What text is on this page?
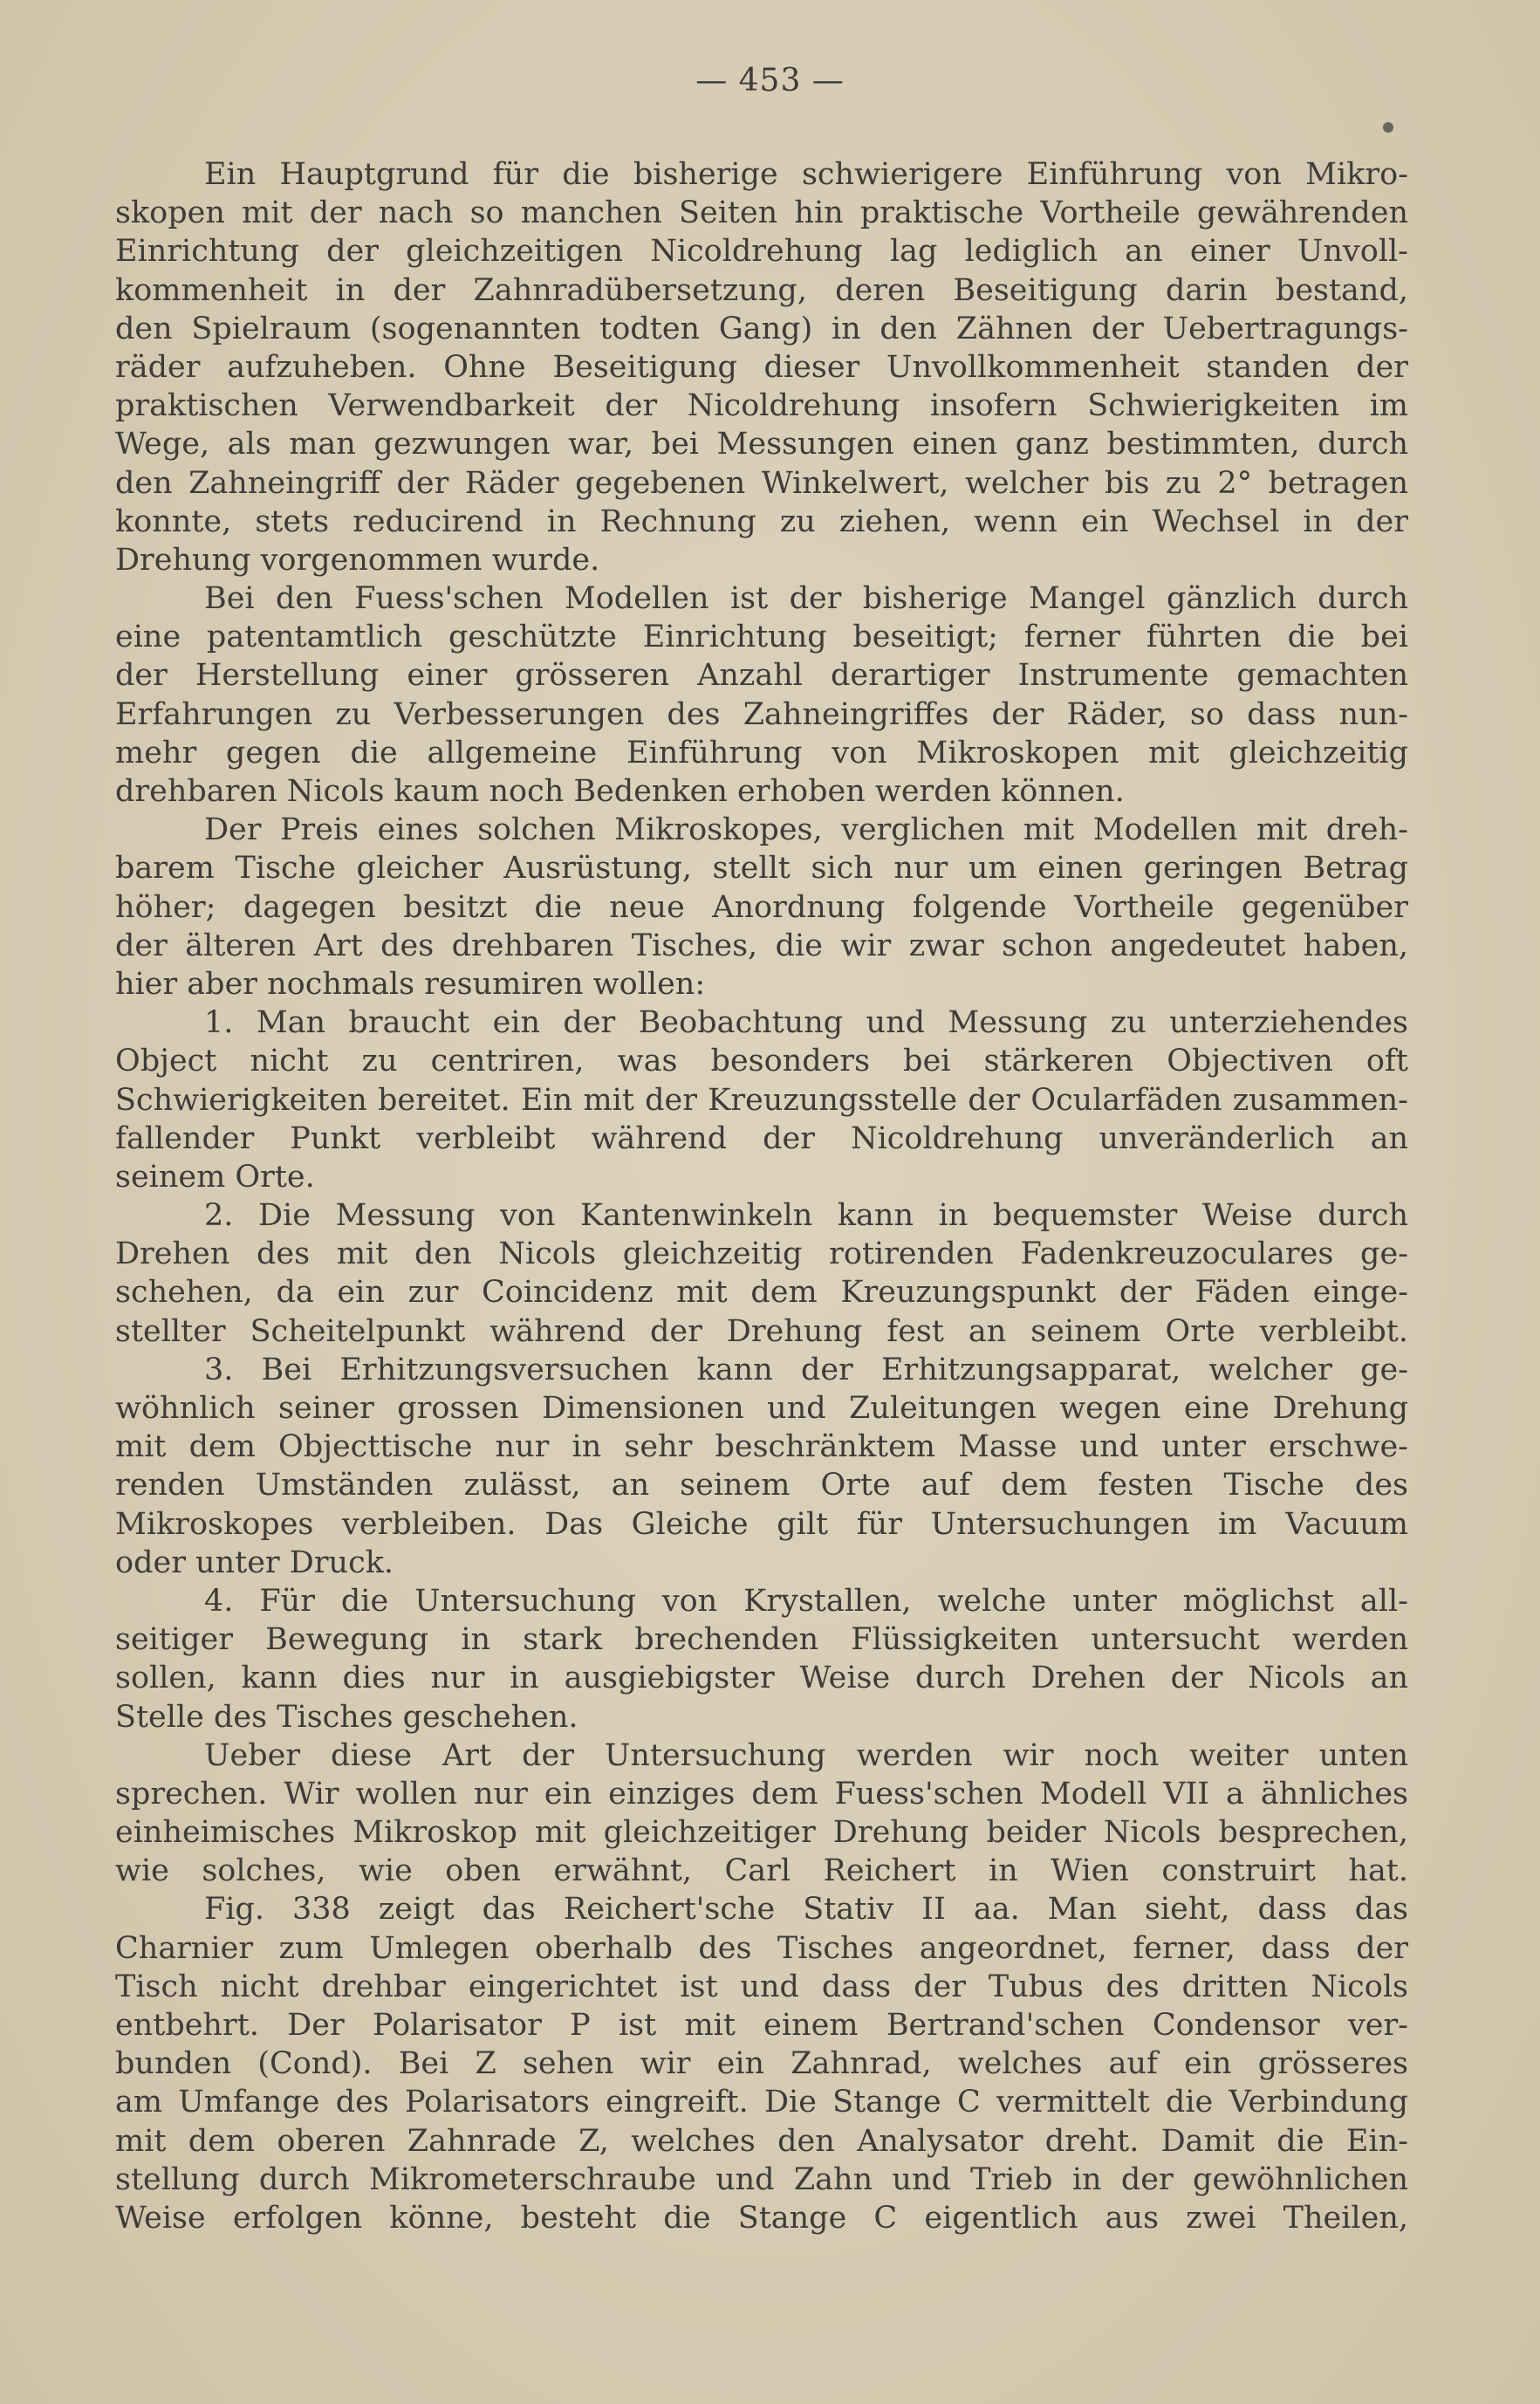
— 453 —
Ein Hauptgrund für die bisherige schwierigere Einführung von Mikro-
skopen mit der nach so manchen Seiten hin praktische Vortheile gewährenden
Einrichtung der gleichzeitigen Nicoldrehung lag lediglich an einer Unvoll-
kommenheit in der Zahnradübersetzung, deren Beseitigung darin bestand,
den Spielraum (sogenannten todten Gang) in den Zähnen der Uebertragungs-
räder aufzuheben. Ohne Beseitigung dieser Unvollkommenheit standen der
praktischen Verwendbarkeit der Nicoldrehung insofern Schwierigkeiten im
Wege, als man gezwungen war, bei Messungen einen ganz bestimmten, durch
den Zahneingriff der Räder gegebenen Winkelwert, welcher bis zu 2° betragen
konnte, stets reducirend in Rechnung zu ziehen, wenn ein Wechsel in der
Drehung vorgenommen wurde.
Bei den Fuess'schen Modellen ist der bisherige Mangel gänzlich durch
eine patentamtlich geschützte Einrichtung beseitigt; ferner führten die bei
der Herstellung einer grösseren Anzahl derartiger Instrumente gemachten
Erfahrungen zu Verbesserungen des Zahneingriffes der Räder, so dass nun-
mehr gegen die allgemeine Einführung von Mikroskopen mit gleichzeitig
drehbaren Nicols kaum noch Bedenken erhoben werden können.
Der Preis eines solchen Mikroskopes, verglichen mit Modellen mit dreh-
barem Tische gleicher Ausrüstung, stellt sich nur um einen geringen Betrag
höher; dagegen besitzt die neue Anordnung folgende Vortheile gegenüber
der älteren Art des drehbaren Tisches, die wir zwar schon angedeutet haben,
hier aber nochmals resumiren wollen:
1. Man braucht ein der Beobachtung und Messung zu unterziehendes
Object nicht zu centriren, was besonders bei stärkeren Objectiven oft
Schwierigkeiten bereitet. Ein mit der Kreuzungsstelle der Ocularfäden zusammen-
fallender Punkt verbleibt während der Nicoldrehung unveränderlich an
seinem Orte.
2. Die Messung von Kantenwinkeln kann in bequemster Weise durch
Drehen des mit den Nicols gleichzeitig rotirenden Fadenkreuzoculares ge-
schehen, da ein zur Coincidenz mit dem Kreuzungspunkt der Fäden einge-
stellter Scheitelpunkt während der Drehung fest an seinem Orte verbleibt.
3. Bei Erhitzungsversuchen kann der Erhitzungsapparat, welcher ge-
wöhnlich seiner grossen Dimensionen und Zuleitungen wegen eine Drehung
mit dem Objecttische nur in sehr beschränktem Masse und unter erschwe-
renden Umständen zulässt, an seinem Orte auf dem festen Tische des
Mikroskopes verbleiben. Das Gleiche gilt für Untersuchungen im Vacuum
oder unter Druck.
4. Für die Untersuchung von Krystallen, welche unter möglichst all-
seitiger Bewegung in stark brechenden Flüssigkeiten untersucht werden
sollen, kann dies nur in ausgiebigster Weise durch Drehen der Nicols an
Stelle des Tisches geschehen.
Ueber diese Art der Untersuchung werden wir noch weiter unten
sprechen. Wir wollen nur ein einziges dem Fuess'schen Modell VII a ähnliches
einheimisches Mikroskop mit gleichzeitiger Drehung beider Nicols besprechen,
wie solches, wie oben erwähnt, Carl Reichert in Wien construirt hat.
Fig. 338 zeigt das Reichert'sche Stativ II aa. Man sieht, dass das
Charnier zum Umlegen oberhalb des Tisches angeordnet, ferner, dass der
Tisch nicht drehbar eingerichtet ist und dass der Tubus des dritten Nicols
entbehrt. Der Polarisator P ist mit einem Bertrand'schen Condensor ver-
bunden (Cond). Bei Z sehen wir ein Zahnrad, welches auf ein grösseres
am Umfange des Polarisators eingreift. Die Stange C vermittelt die Verbindung
mit dem oberen Zahnrade Z, welches den Analysator dreht. Damit die Ein-
stellung durch Mikrometerschraube und Zahn und Trieb in der gewöhnlichen
Weise erfolgen könne, besteht die Stange C eigentlich aus zwei Theilen,
